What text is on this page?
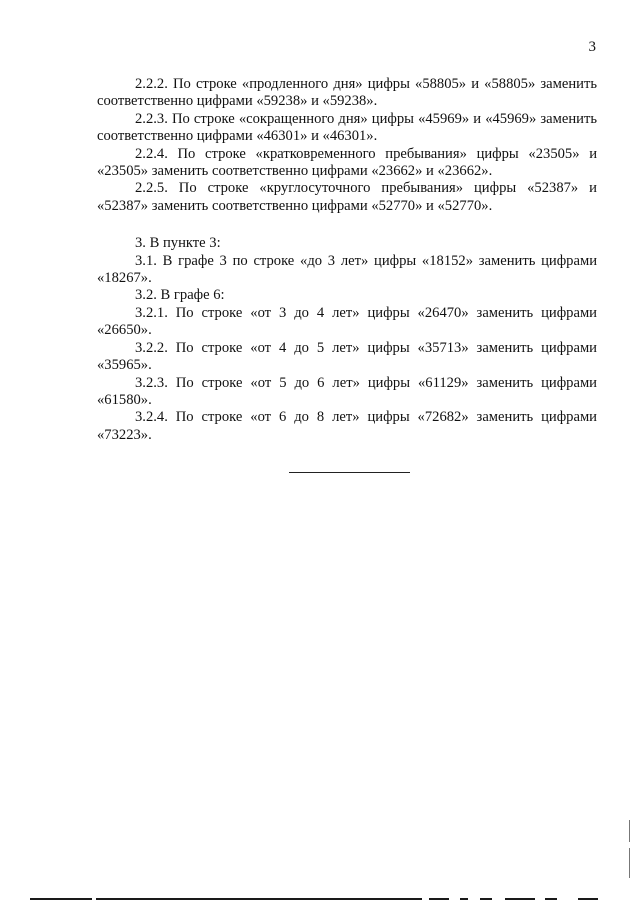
3

2.2.2. По строке «продленного дня» цифры «58805» и «58805» заменить соответственно цифрами «59238» и «59238».

2.2.3. По строке «сокращенного дня» цифры «45969» и «45969» заменить соответственно цифрами «46301» и «46301».

2.2.4. По строке «кратковременного пребывания» цифры «23505» и «23505» заменить соответственно цифрами «23662» и «23662».

2.2.5. По строке «круглосуточного пребывания» цифры «52387» и «52387» заменить соответственно цифрами «52770» и «52770».

3. В пункте 3:

3.1. В графе 3 по строке «до 3 лет» цифры «18152» заменить цифрами «18267».

3.2. В графе 6:

3.2.1. По строке «от 3 до 4 лет» цифры «26470» заменить цифрами «26650».

3.2.2. По строке «от 4 до 5 лет» цифры «35713» заменить цифрами «35965».

3.2.3. По строке «от 5 до 6 лет» цифры «61129» заменить цифрами «61580».

3.2.4. По строке «от 6 до 8 лет» цифры «72682» заменить цифрами «73223».
